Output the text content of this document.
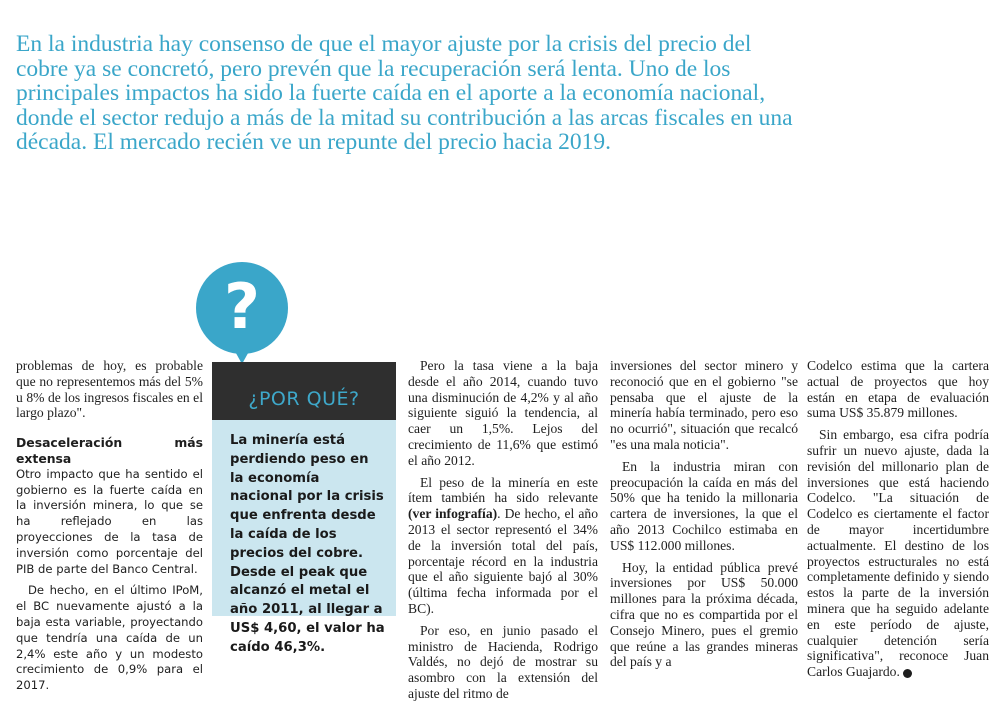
En la industria hay consenso de que el mayor ajuste por la crisis del precio del cobre ya se concretó, pero prevén que la recuperación será lenta. Uno de los principales impactos ha sido la fuerte caída en el aporte a la economía nacional, donde el sector redujo a más de la mitad su contribución a las arcas fiscales en una década. El mercado recién ve un repunte del precio hacia 2019.

?
¿POR QUÉ?
La minería está perdiendo peso en la economía nacional por la crisis que enfrenta desde la caída de los precios del cobre. Desde el peak que alcanzó el metal el año 2011, al llegar a US$ 4,60, el valor ha caído 46,3%.

problemas de hoy, es probable que no representemos más del 5% u 8% de los ingresos fiscales en el largo plazo".

Desaceleración más extensa

Otro impacto que ha sentido el gobierno es la fuerte caída en la inversión minera, lo que se ha reflejado en las proyecciones de la tasa de inversión como porcentaje del PIB de parte del Banco Central.

De hecho, en el último IPoM, el BC nuevamente ajustó a la baja esta variable, proyectando que tendría una caída de un 2,4% este año y un modesto crecimiento de 0,9% para el 2017.

Pero la tasa viene a la baja desde el año 2014, cuando tuvo una disminución de 4,2% y al año siguiente siguió la tendencia, al caer un 1,5%. Lejos del crecimiento de 11,6% que estimó el año 2012.

El peso de la minería en este ítem también ha sido relevante (ver infografía). De hecho, el año 2013 el sector representó el 34% de la inversión total del país, porcentaje récord en la industria que el año siguiente bajó al 30% (última fecha informada por el BC).

Por eso, en junio pasado el ministro de Hacienda, Rodrigo Valdés, no dejó de mostrar su asombro con la extensión del ajuste del ritmo de

inversiones del sector minero y reconoció que en el gobierno "se pensaba que el ajuste de la minería había terminado, pero eso no ocurrió", situación que recalcó "es una mala noticia".

En la industria miran con preocupación la caída en más del 50% que ha tenido la millonaria cartera de inversiones, la que el año 2013 Cochilco estimaba en US$ 112.000 millones.

Hoy, la entidad pública prevé inversiones por US$ 50.000 millones para la próxima década, cifra que no es compartida por el Consejo Minero, pues el gremio que reúne a las grandes mineras del país y a

Codelco estima que la cartera actual de proyectos que hoy están en etapa de evaluación suma US$ 35.879 millones.

Sin embargo, esa cifra podría sufrir un nuevo ajuste, dada la revisión del millonario plan de inversiones que está haciendo Codelco. "La situación de Codelco es ciertamente el factor de mayor incertidumbre actualmente. El destino de los proyectos estructurales no está completamente definido y siendo estos la parte de la inversión minera que ha seguido adelante en este período de ajuste, cualquier detención sería significativa", reconoce Juan Carlos Guajardo.
